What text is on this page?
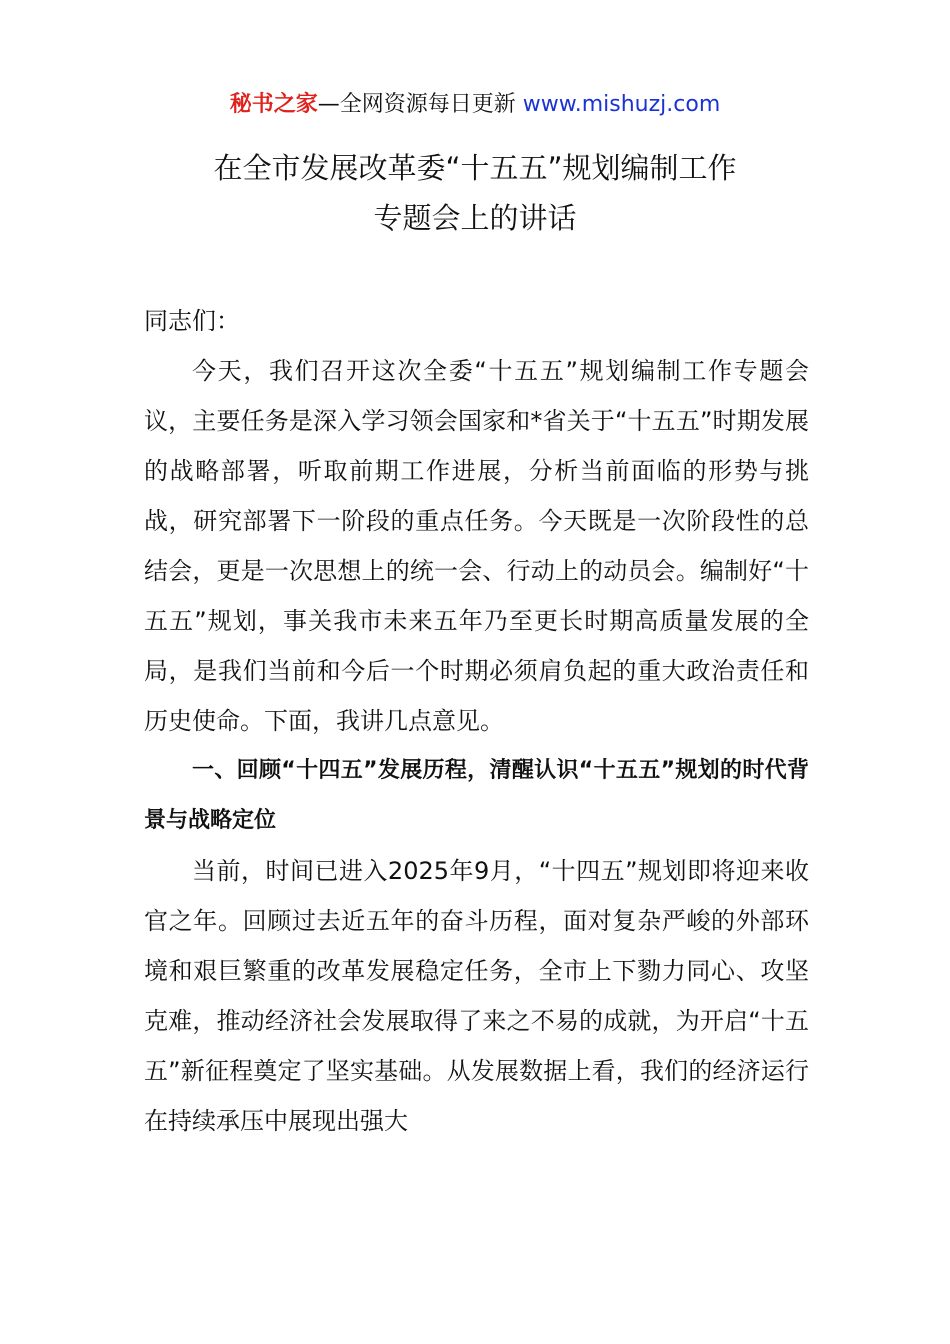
秘书之家—全网资源每日更新 www.mishuzj.com
在全市发展改革委“十五五”规划编制工作
专题会上的讲话

同志们：

今天，我们召开这次全委“十五五”规划编制工作专题会议，主要任务是深入学习领会国家和*省关于“十五五”时期发展的战略部署，听取前期工作进展，分析当前面临的形势与挑战，研究部署下一阶段的重点任务。今天既是一次阶段性的总结会，更是一次思想上的统一会、行动上的动员会。编制好“十五五”规划，事关我市未来五年乃至更长时期高质量发展的全局，是我们当前和今后一个时期必须肩负起的重大政治责任和历史使命。下面，我讲几点意见。

一、回顾“十四五”发展历程，清醒认识“十五五”规划的时代背景与战略定位

当前，时间已进入2025年9月，“十四五”规划即将迎来收官之年。回顾过去近五年的奋斗历程，面对复杂严峻的外部环境和艰巨繁重的改革发展稳定任务，全市上下勠力同心、攻坚克难，推动经济社会发展取得了来之不易的成就，为开启“十五五”新征程奠定了坚实基础。从发展数据上看，我们的经济运行在持续承压中展现出强大
